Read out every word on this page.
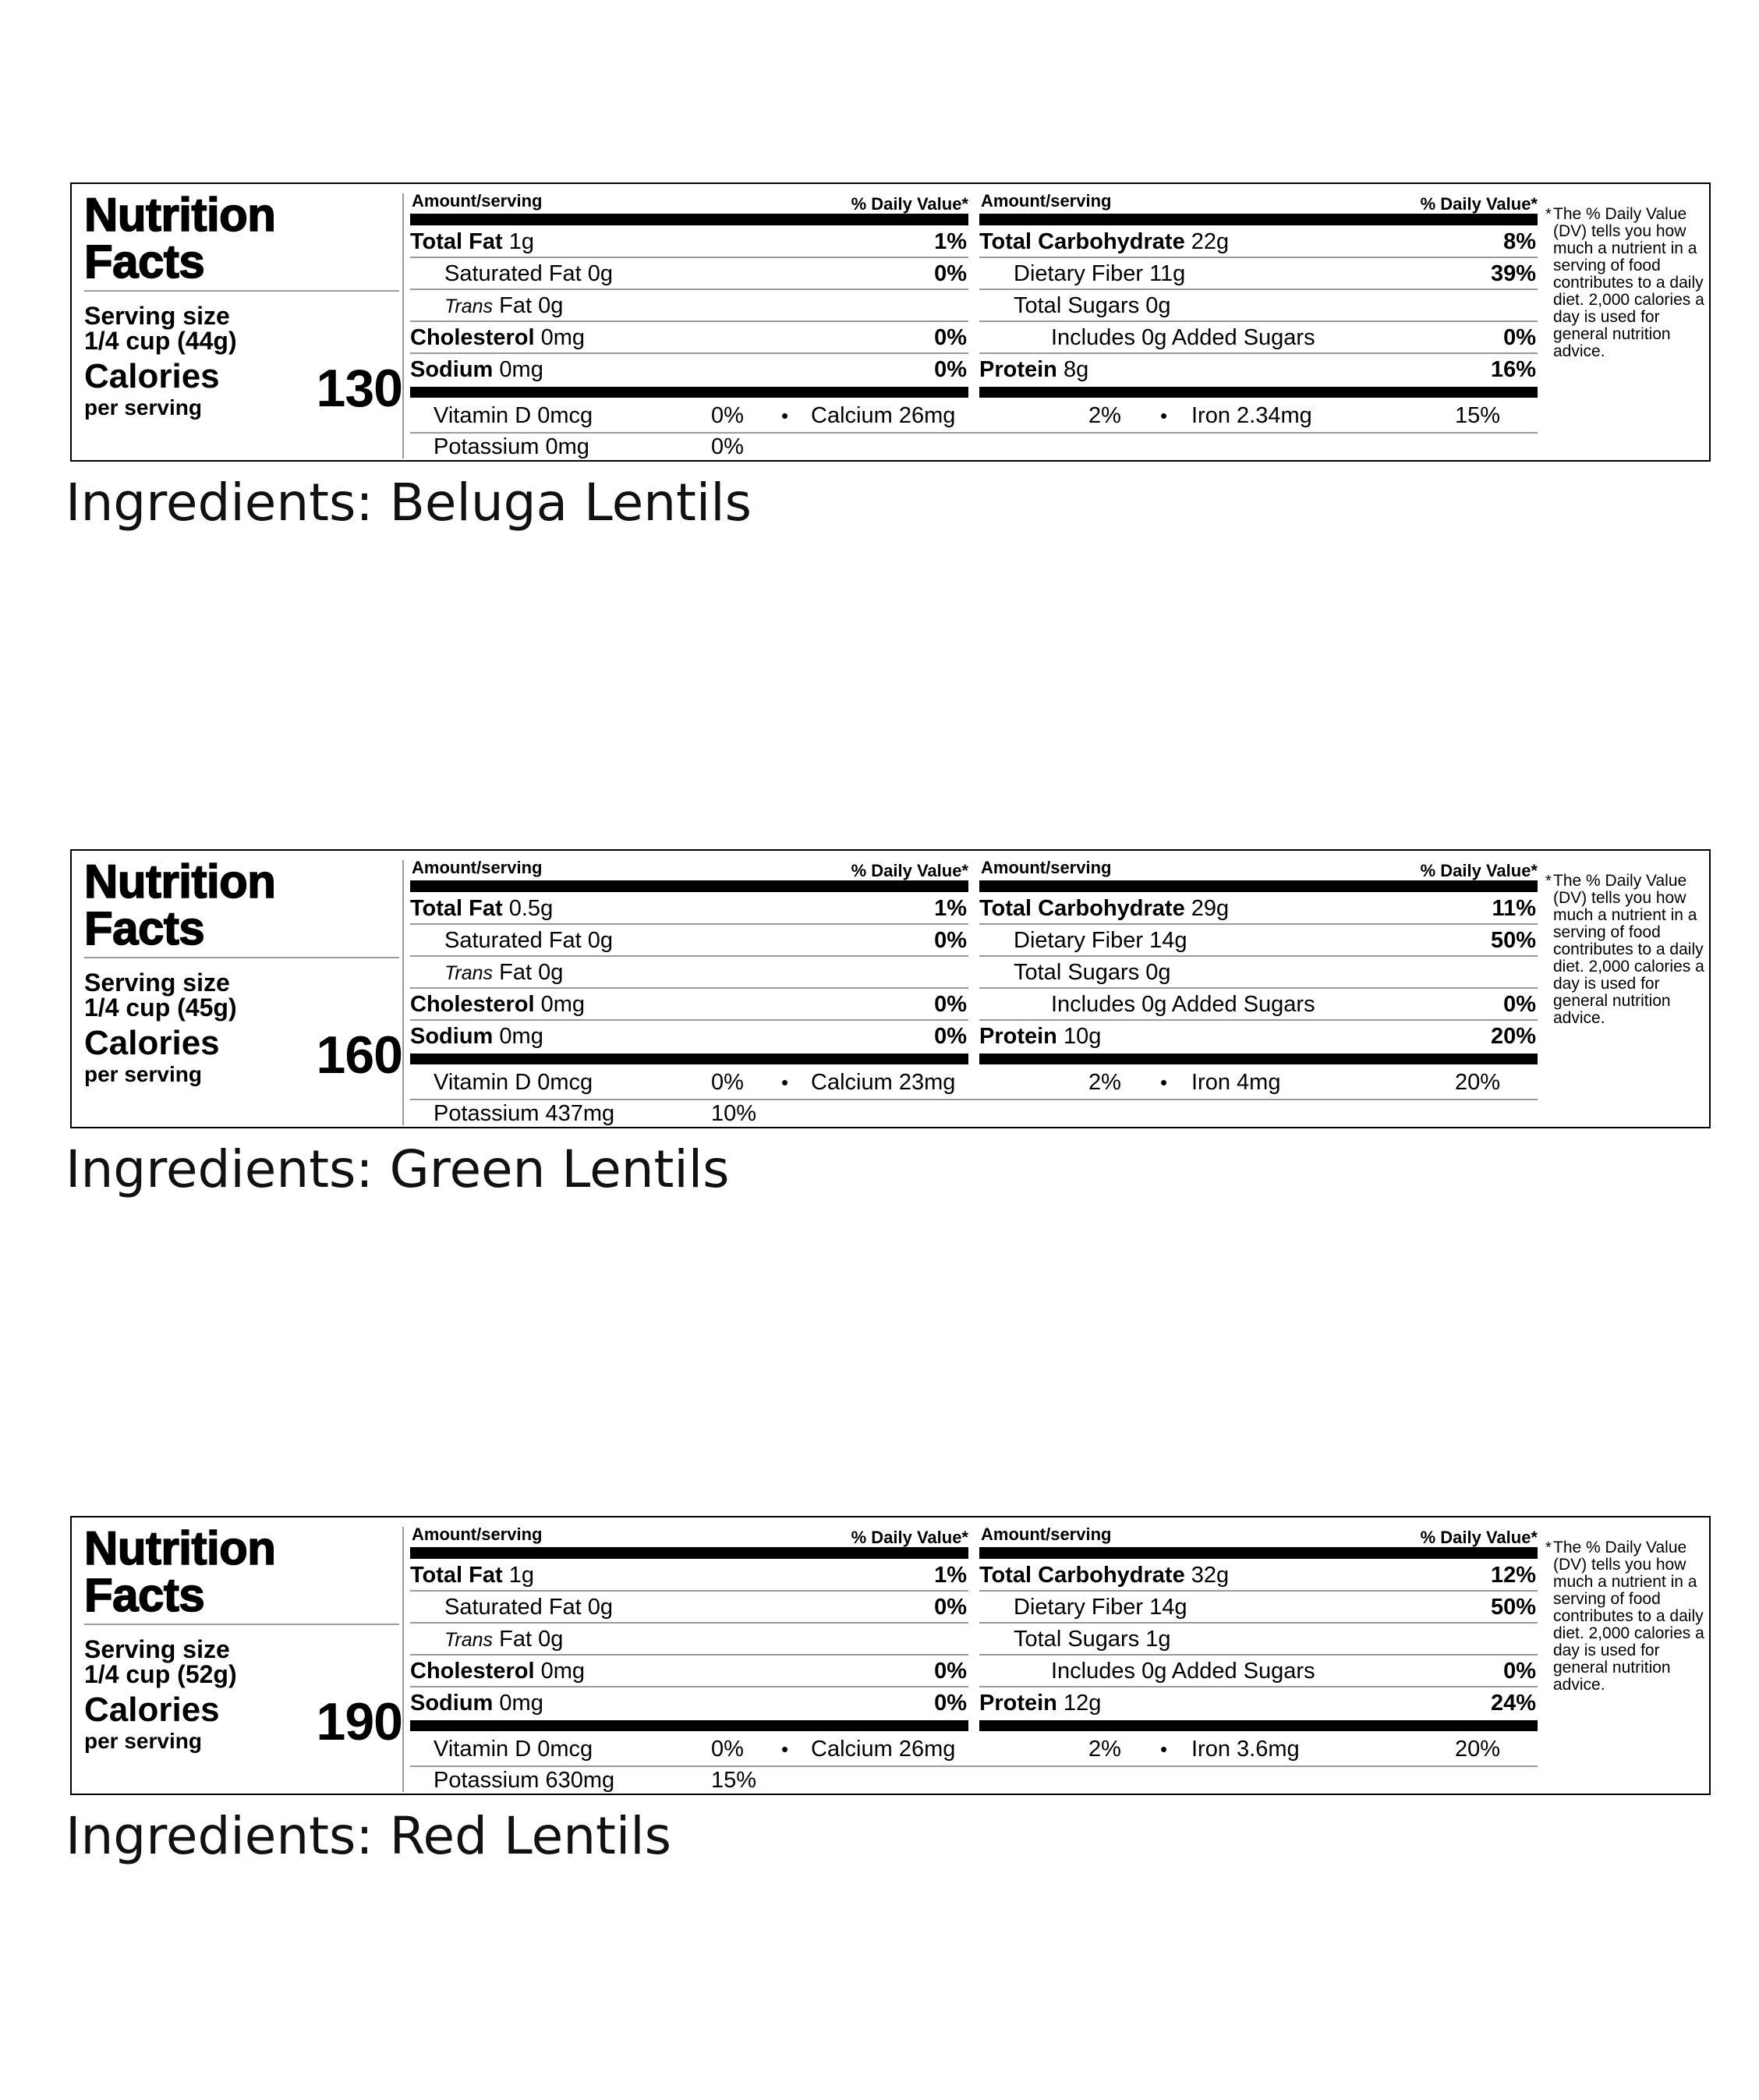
Nutrition
Facts
Serving size
1/4 cup (44g)
Calories
per serving 130
Amount/serving	% Daily Value*
Total Fat 1g	1%
Saturated Fat 0g	0%
Trans Fat 0g
Cholesterol 0mg	0%
Sodium 0mg	0%
Amount/serving	% Daily Value*
Total Carbohydrate 22g	8%
Dietary Fiber 11g	39%
Total Sugars 0g
Includes 0g Added Sugars	0%
Protein 8g	16%
Vitamin D 0mcg	0% • Calcium 26mg	2% • Iron 2.34mg	15%
Potassium 0mg	0%
* The % Daily Value (DV) tells you how much a nutrient in a serving of food contributes to a daily diet. 2,000 calories a day is used for general nutrition advice.
Ingredients: Beluga Lentils
Nutrition
Facts
Serving size
1/4 cup (45g)
Calories
per serving 160
Amount/serving	% Daily Value*
Total Fat 0.5g	1%
Saturated Fat 0g	0%
Trans Fat 0g
Cholesterol 0mg	0%
Sodium 0mg	0%
Amount/serving	% Daily Value*
Total Carbohydrate 29g	11%
Dietary Fiber 14g	50%
Total Sugars 0g
Includes 0g Added Sugars	0%
Protein 10g	20%
Vitamin D 0mcg	0% • Calcium 23mg	2% • Iron 4mg	20%
Potassium 437mg	10%
* The % Daily Value (DV) tells you how much a nutrient in a serving of food contributes to a daily diet. 2,000 calories a day is used for general nutrition advice.
Ingredients: Green Lentils
Nutrition
Facts
Serving size
1/4 cup (52g)
Calories
per serving 190
Amount/serving	% Daily Value*
Total Fat 1g	1%
Saturated Fat 0g	0%
Trans Fat 0g
Cholesterol 0mg	0%
Sodium 0mg	0%
Amount/serving	% Daily Value*
Total Carbohydrate 32g	12%
Dietary Fiber 14g	50%
Total Sugars 1g
Includes 0g Added Sugars	0%
Protein 12g	24%
Vitamin D 0mcg	0% • Calcium 26mg	2% • Iron 3.6mg	20%
Potassium 630mg	15%
* The % Daily Value (DV) tells you how much a nutrient in a serving of food contributes to a daily diet. 2,000 calories a day is used for general nutrition advice.
Ingredients: Red Lentils
